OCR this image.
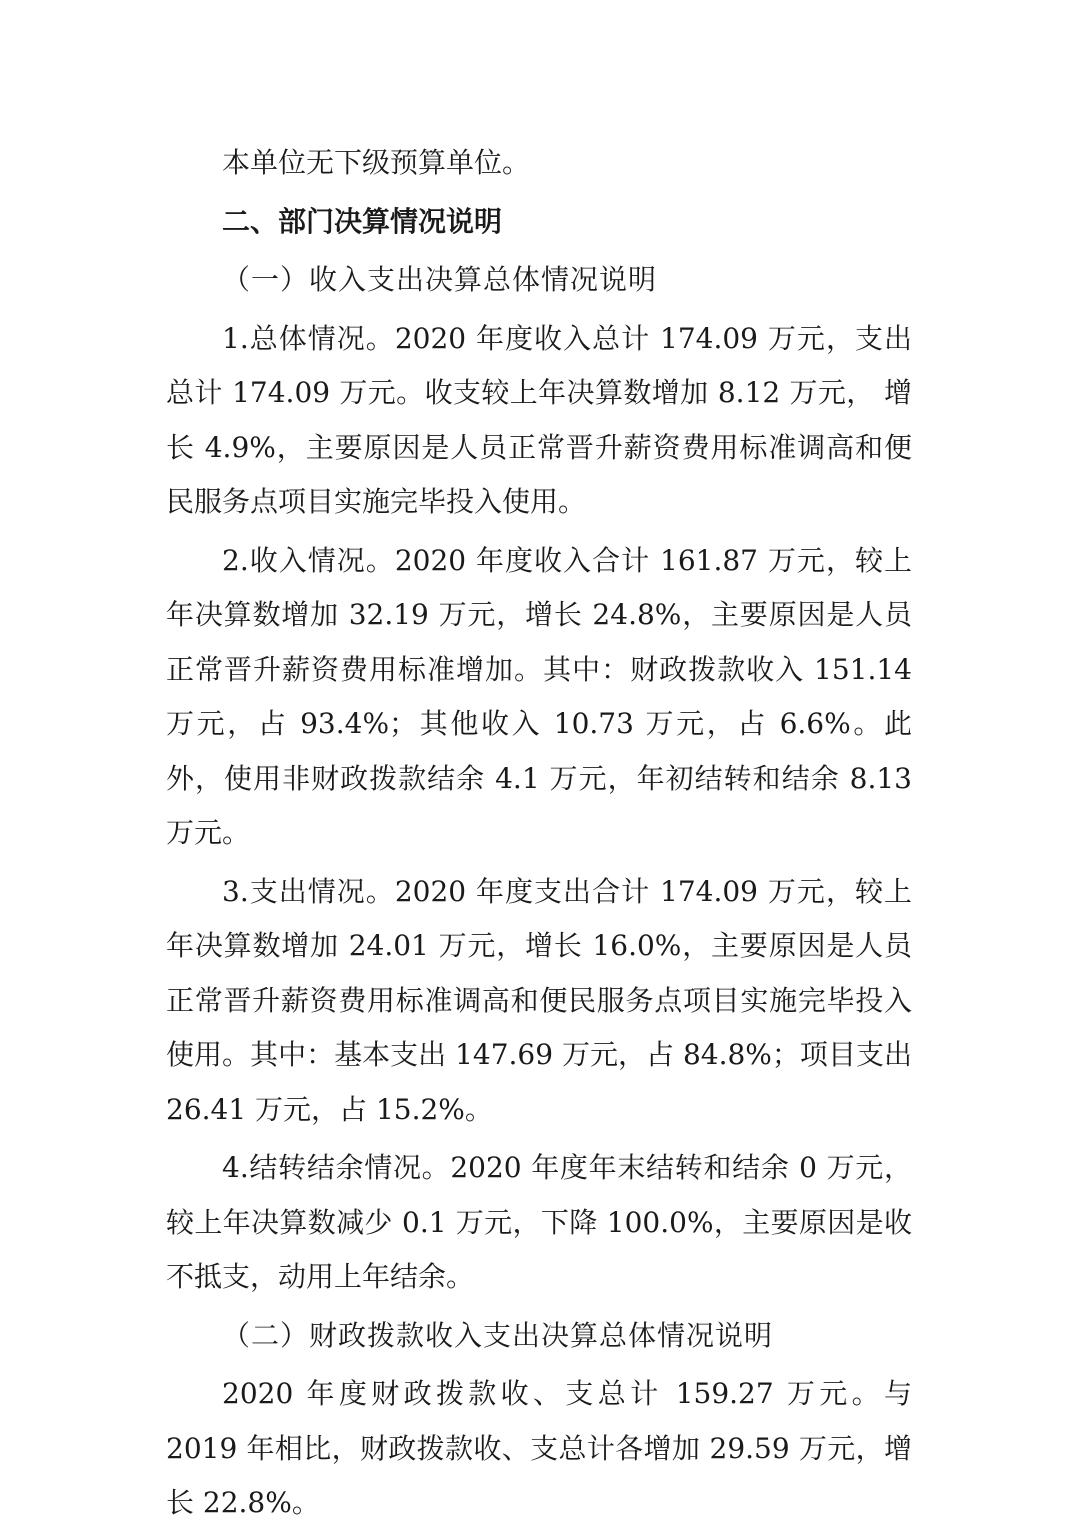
本单位无下级预算单位。

二、部门决算情况说明

（一）收入支出决算总体情况说明

1.总体情况。2020 年度收入总计 174.09 万元，支出总计 174.09 万元。收支较上年决算数增加 8.12 万元， 增长 4.9%，主要原因是人员正常晋升薪资费用标准调高和便民服务点项目实施完毕投入使用。

2.收入情况。2020 年度收入合计 161.87 万元，较上年决算数增加 32.19 万元，增长 24.8%，主要原因是人员正常晋升薪资费用标准增加。其中：财政拨款收入 151.14 万元，占 93.4%；其他收入 10.73 万元，占 6.6%。此外，使用非财政拨款结余 4.1 万元，年初结转和结余 8.13 万元。

3.支出情况。2020 年度支出合计 174.09 万元，较上年决算数增加 24.01 万元，增长 16.0%，主要原因是人员正常晋升薪资费用标准调高和便民服务点项目实施完毕投入使用。其中：基本支出 147.69 万元，占 84.8%；项目支出 26.41 万元，占 15.2%。

4.结转结余情况。2020 年度年末结转和结余 0 万元，较上年决算数减少 0.1 万元，下降 100.0%，主要原因是收不抵支，动用上年结余。

（二）财政拨款收入支出决算总体情况说明

2020 年度财政拨款收、支总计 159.27 万元。与 2019 年相比，财政拨款收、支总计各增加 29.59 万元，增长 22.8%。
